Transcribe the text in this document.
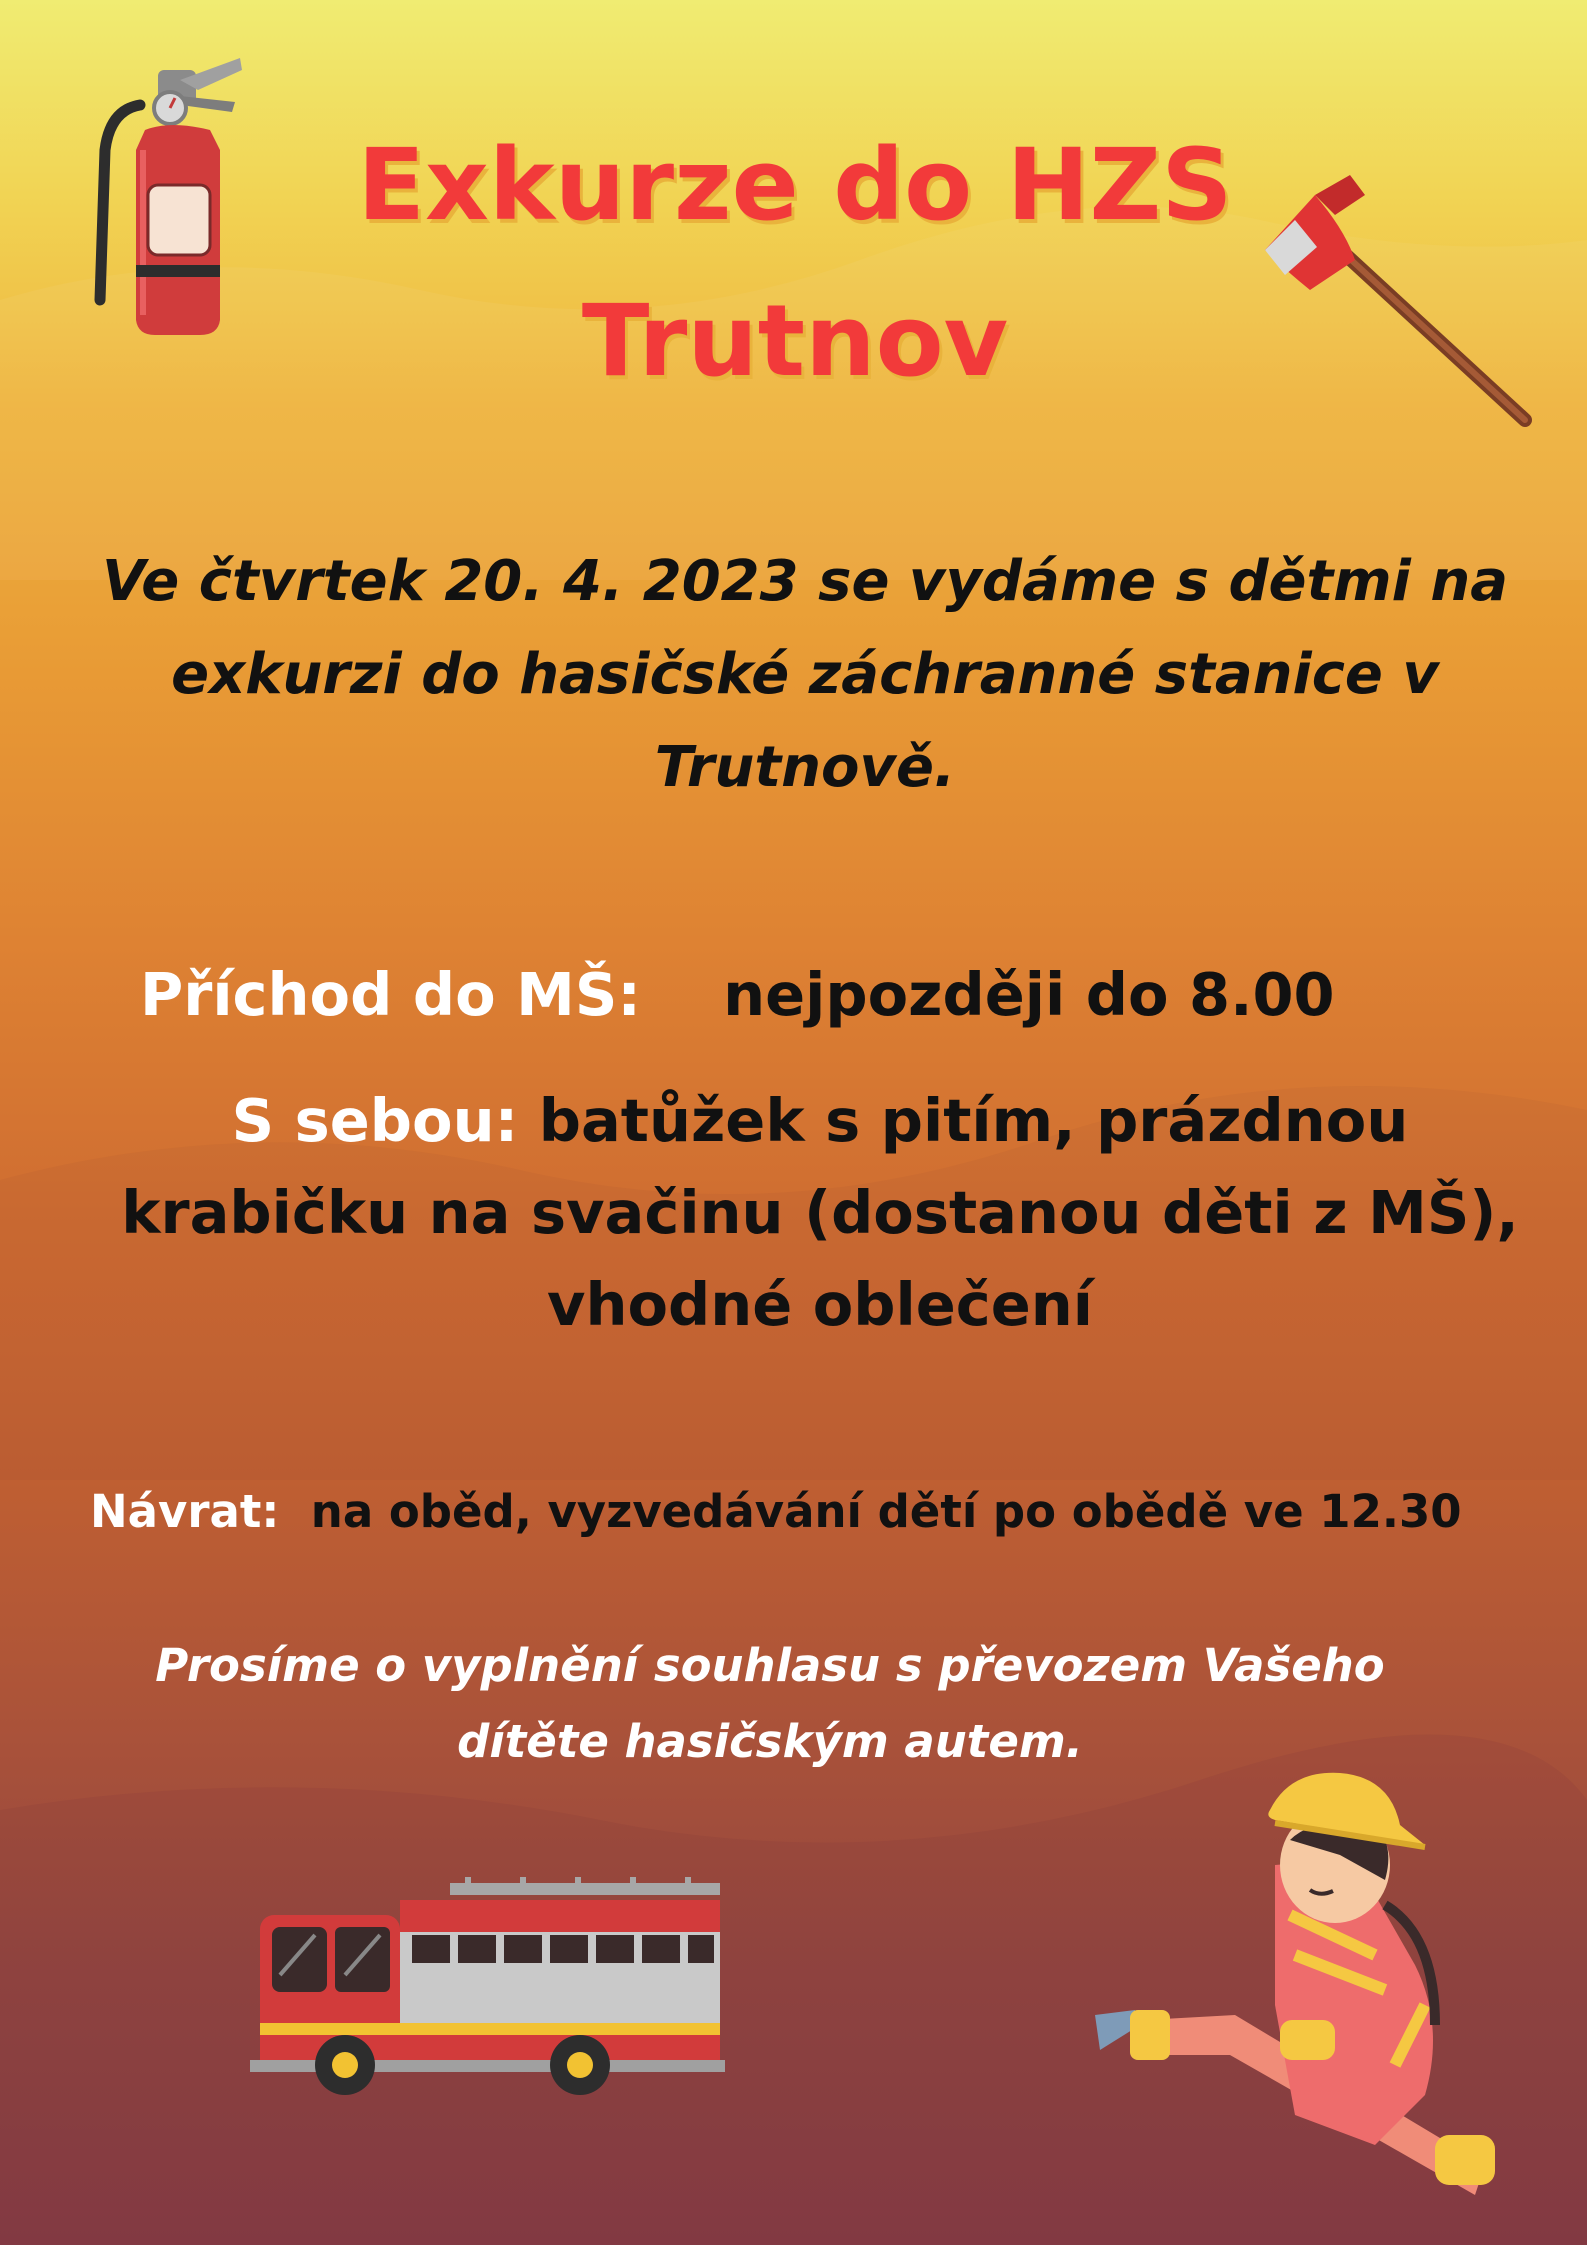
Exkurze do HZS
Trutnov

Ve čtvrtek 20. 4. 2023 se vydáme s dětmi na exkurzi do hasičské záchranné stanice v Trutnově.

Příchod do MŠ: nejpozději do 8.00

S sebou: batůžek s pitím, prázdnou krabičku na svačinu (dostanou děti z MŠ), vhodné oblečení

Návrat: na oběd, vyzvedávání dětí po obědě ve 12.30

Prosíme o vyplnění souhlasu s převozem Vašeho dítěte hasičským autem.
